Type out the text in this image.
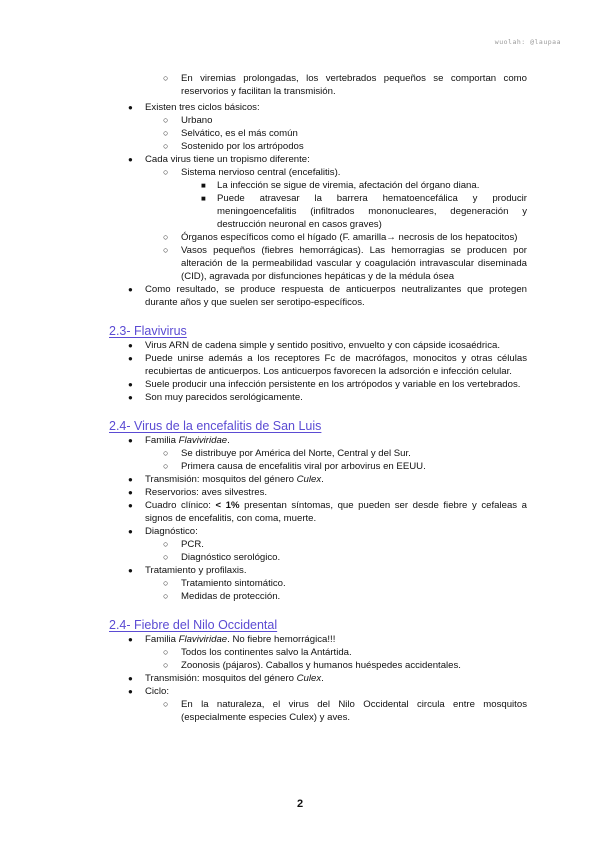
wuolah: @laupaa
○ En viremias prolongadas, los vertebrados pequeños se comportan como reservorios y facilitan la transmisión.
● Existen tres ciclos básicos:
○ Urbano
○ Selvático, es el más común
○ Sostenido por los artrópodos
● Cada virus tiene un tropismo diferente:
○ Sistema nervioso central (encefalitis).
■ La infección se sigue de viremia, afectación del órgano diana.
■ Puede atravesar la barrera hematoencefálica y producir meningoencefalitis (infiltrados mononucleares, degeneración y destrucción neuronal en casos graves)
○ Órganos específicos como el hígado (F. amarilla→ necrosis de los hepatocitos)
○ Vasos pequeños (fiebres hemorrágicas). Las hemorragias se producen por alteración de la permeabilidad vascular y coagulación intravascular diseminada (CID), agravada por disfunciones hepáticas y de la médula ósea
● Como resultado, se produce respuesta de anticuerpos neutralizantes que protegen durante años y que suelen ser serotipo-específicos.
2.3- Flavivirus
● Virus ARN de cadena simple y sentido positivo, envuelto y con cápside icosaédrica.
● Puede unirse además a los receptores Fc de macrófagos, monocitos y otras células recubiertas de anticuerpos. Los anticuerpos favorecen la adsorción e infección celular.
● Suele producir una infección persistente en los artrópodos y variable en los vertebrados.
● Son muy parecidos serológicamente.
2.4- Virus de la encefalitis de San Luis
● Familia Flaviviridae.
○ Se distribuye por América del Norte, Central y del Sur.
○ Primera causa de encefalitis viral por arbovirus en EEUU.
● Transmisión: mosquitos del género Culex.
● Reservorios: aves silvestres.
● Cuadro clínico: < 1% presentan síntomas, que pueden ser desde fiebre y cefaleas a signos de encefalitis, con coma, muerte.
● Diagnóstico:
○ PCR.
○ Diagnóstico serológico.
● Tratamiento y profilaxis.
○ Tratamiento sintomático.
○ Medidas de protección.
2.4- Fiebre del Nilo Occidental
● Familia Flaviviridae. No fiebre hemorrágica!!!
○ Todos los continentes salvo la Antártida.
○ Zoonosis (pájaros). Caballos y humanos huéspedes accidentales.
● Transmisión: mosquitos del género Culex.
● Ciclo:
○ En la naturaleza, el virus del Nilo Occidental circula entre mosquitos (especialmente especies Culex) y aves.
2
